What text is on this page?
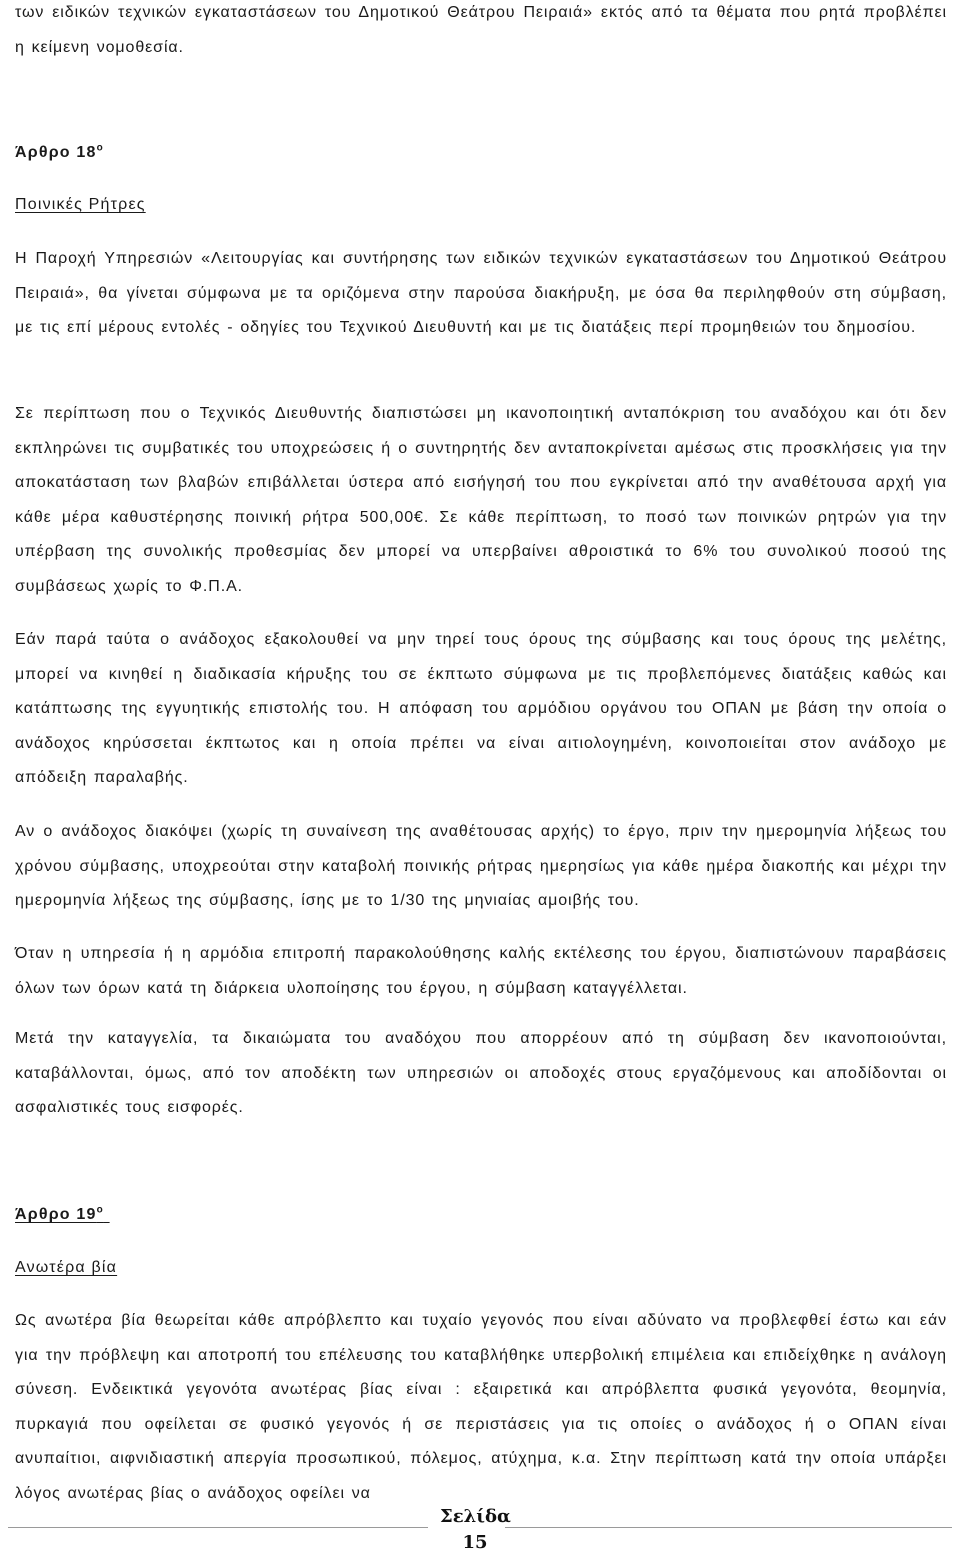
των ειδικών τεχνικών εγκαταστάσεων του Δημοτικού Θεάτρου Πειραιά» εκτός από τα θέματα που ρητά προβλέπει η κείμενη νομοθεσία.

Άρθρο $18^o$
Ποινικές Ρήτρες

Η Παροχή Υπηρεσιών «Λειτουργίας και συντήρησης των ειδικών τεχνικών εγκαταστάσεων του Δημοτικού Θεάτρου Πειραιά», θα γίνεται σύμφωνα με τα οριζόμενα στην παρούσα διακήρυξη, με όσα θα περιληφθούν στη σύμβαση, με τις επί μέρους εντολές - οδηγίες του Τεχνικού Διευθυντή και με τις διατάξεις περί προμηθειών του δημοσίου.

Σε περίπτωση που ο Τεχνικός Διευθυντής διαπιστώσει μη ικανοποιητική ανταπόκριση του αναδόχου και ότι δεν εκπληρώνει τις συμβατικές του υποχρεώσεις ή ο συντηρητής δεν ανταποκρίνεται αμέσως στις προσκλήσεις για την αποκατάσταση των βλαβών επιβάλλεται ύστερα από εισήγησή του που εγκρίνεται από την αναθέτουσα αρχή για κάθε μέρα καθυστέρησης ποινική ρήτρα 500,00€. Σε κάθε περίπτωση, το ποσό των ποινικών ρητρών για την υπέρβαση της συνολικής προθεσμίας δεν μπορεί να υπερβαίνει αθροιστικά το 6% του συνολικού ποσού της συμβάσεως χωρίς το Φ.Π.Α.

Εάν παρά ταύτα ο ανάδοχος εξακολουθεί να μην τηρεί τους όρους της σύμβασης και τους όρους της μελέτης, μπορεί να κινηθεί η διαδικασία κήρυξης του σε έκπτωτο σύμφωνα με τις προβλεπόμενες διατάξεις καθώς και κατάπτωσης της εγγυητικής επιστολής του. Η απόφαση του αρμόδιου οργάνου του ΟΠΑΝ με βάση την οποία ο ανάδοχος κηρύσσεται έκπτωτος και η οποία πρέπει να είναι αιτιολογημένη, κοινοποιείται στον ανάδοχο με απόδειξη παραλαβής.

Αν ο ανάδοχος διακόψει (χωρίς τη συναίνεση της αναθέτουσας αρχής) το έργο, πριν την ημερομηνία λήξεως του χρόνου σύμβασης, υποχρεούται στην καταβολή ποινικής ρήτρας ημερησίως για κάθε ημέρα διακοπής και μέχρι την ημερομηνία λήξεως της σύμβασης, ίσης με το 1/30 της μηνιαίας αμοιβής του.

Όταν η υπηρεσία ή η αρμόδια επιτροπή παρακολούθησης καλής εκτέλεσης του έργου, διαπιστώνουν παραβάσεις όλων των όρων κατά τη διάρκεια υλοποίησης του έργου, η σύμβαση καταγγέλλεται.

Μετά την καταγγελία, τα δικαιώματα του αναδόχου που απορρέουν από τη σύμβαση δεν ικανοποιούνται, καταβάλλονται, όμως, από τον αποδέκτη των υπηρεσιών οι αποδοχές στους εργαζόμενους και αποδίδονται οι ασφαλιστικές τους εισφορές.

Άρθρο $19^o$
Ανωτέρα βία

Ως ανωτέρα βία θεωρείται κάθε απρόβλεπτο και τυχαίο γεγονός που είναι αδύνατο να προβλεφθεί έστω και εάν για την πρόβλεψη και αποτροπή του επέλευσης του καταβλήθηκε υπερβολική επιμέλεια και επιδείχθηκε η ανάλογη σύνεση. Ενδεικτικά γεγονότα ανωτέρας βίας είναι : εξαιρετικά και απρόβλεπτα φυσικά γεγονότα, θεομηνία, πυρκαγιά που οφείλεται σε φυσικό γεγονός ή σε περιστάσεις για τις οποίες ο ανάδοχος ή ο ΟΠΑΝ είναι ανυπαίτιοι, αιφνιδιαστική απεργία προσωπικού, πόλεμος, ατύχημα, κ.α. Στην περίπτωση κατά την οποία υπάρξει λόγος ανωτέρας βίας ο ανάδοχος οφείλει να

Σελίδα
15
